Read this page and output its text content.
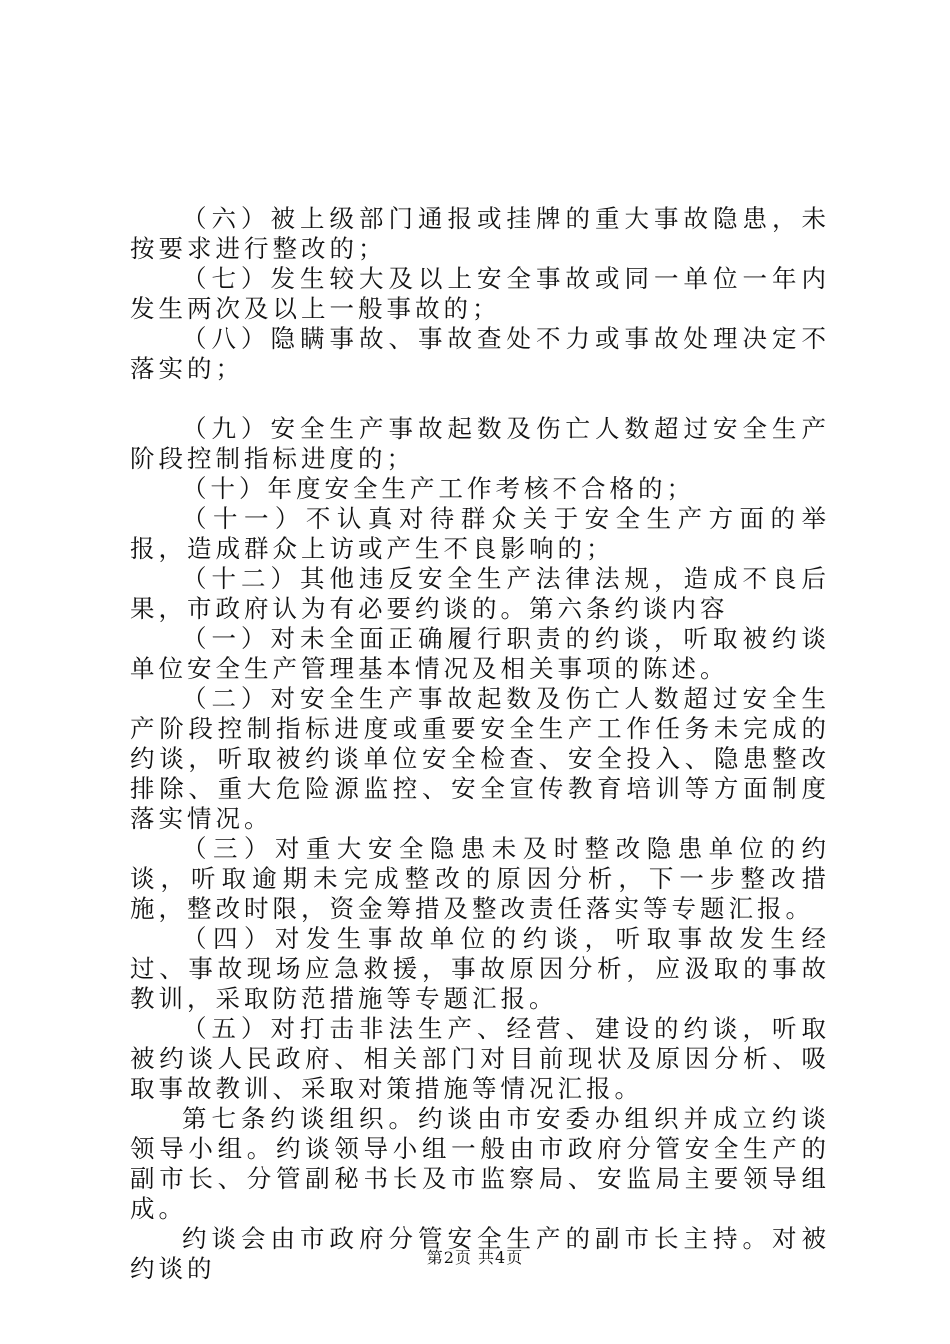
（六）被上级部门通报或挂牌的重大事故隐患，未按要求进行整改的；

（七）发生较大及以上安全事故或同一单位一年内发生两次及以上一般事故的；

（八）隐瞒事故、事故查处不力或事故处理决定不落实的；

（九）安全生产事故起数及伤亡人数超过安全生产阶段控制指标进度的；

（十）年度安全生产工作考核不合格的；

（十一）不认真对待群众关于安全生产方面的举报，造成群众上访或产生不良影响的；

（十二）其他违反安全生产法律法规，造成不良后果，市政府认为有必要约谈的。第六条约谈内容

（一）对未全面正确履行职责的约谈，听取被约谈单位安全生产管理基本情况及相关事项的陈述。

（二）对安全生产事故起数及伤亡人数超过安全生产阶段控制指标进度或重要安全生产工作任务未完成的约谈，听取被约谈单位安全检查、安全投入、隐患整改排除、重大危险源监控、安全宣传教育培训等方面制度落实情况。

（三）对重大安全隐患未及时整改隐患单位的约谈，听取逾期未完成整改的原因分析，下一步整改措施，整改时限，资金筹措及整改责任落实等专题汇报。

（四）对发生事故单位的约谈，听取事故发生经过、事故现场应急救援，事故原因分析，应汲取的事故教训，采取防范措施等专题汇报。

（五）对打击非法生产、经营、建设的约谈，听取被约谈人民政府、相关部门对目前现状及原因分析、吸取事故教训、采取对策措施等情况汇报。

第七条约谈组织。约谈由市安委办组织并成立约谈领导小组。约谈领导小组一般由市政府分管安全生产的副市长、分管副秘书长及市监察局、安监局主要领导组成。

约谈会由市政府分管安全生产的副市长主持。对被约谈的	第2页 共4页
